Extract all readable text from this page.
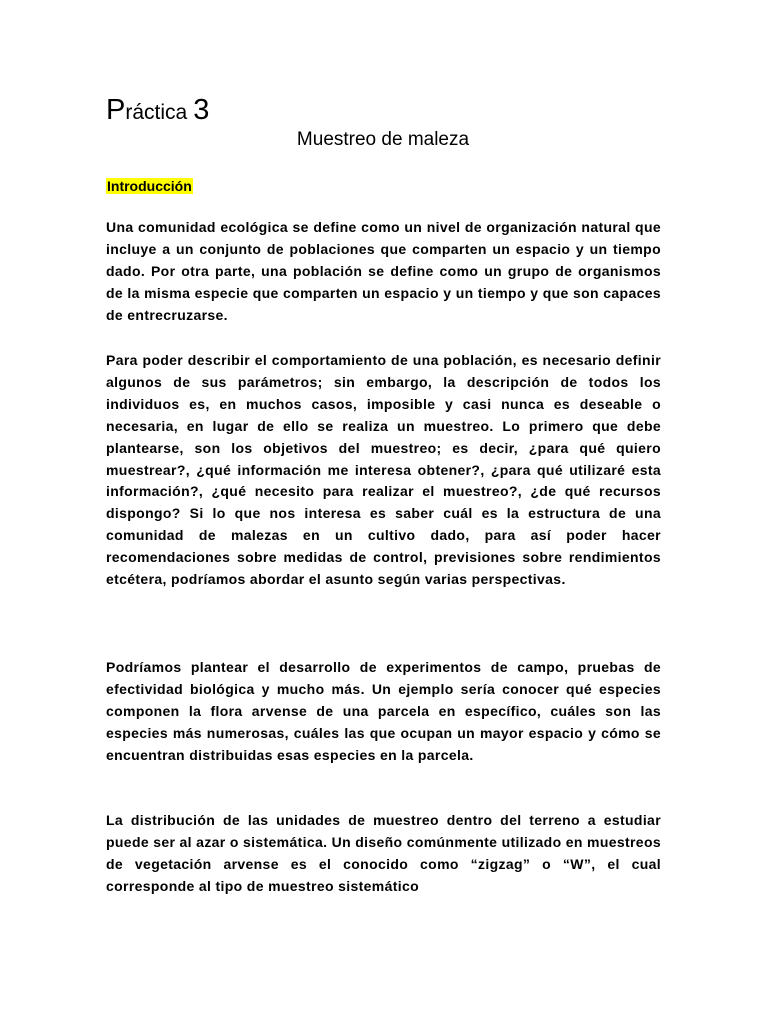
Práctica 3
Muestreo de maleza
Introducción

Una comunidad ecológica se define como un nivel de organización natural que incluye a un conjunto de poblaciones que comparten un espacio y un tiempo dado. Por otra parte, una población se define como un grupo de organismos de la misma especie que comparten un espacio y un tiempo y que son capaces de entrecruzarse.

Para poder describir el comportamiento de una población, es necesario definir algunos de sus parámetros; sin embargo, la descripción de todos los individuos es, en muchos casos, imposible y casi nunca es deseable o necesaria, en lugar de ello se realiza un muestreo. Lo primero que debe plantearse, son los objetivos del muestreo; es decir, ¿para qué quiero muestrear?, ¿qué información me interesa obtener?, ¿para qué utilizaré esta información?, ¿qué necesito para realizar el muestreo?, ¿de qué recursos dispongo? Si lo que nos interesa es saber cuál es la estructura de una comunidad de malezas en un cultivo dado, para así poder hacer recomendaciones sobre medidas de control, previsiones sobre rendimientos etcétera, podríamos abordar el asunto según varias perspectivas.

Podríamos plantear el desarrollo de experimentos de campo, pruebas de efectividad biológica y mucho más. Un ejemplo sería conocer qué especies componen la flora arvense de una parcela en específico, cuáles son las especies más numerosas, cuáles las que ocupan un mayor espacio y cómo se encuentran distribuidas esas especies en la parcela.

La distribución de las unidades de muestreo dentro del terreno a estudiar puede ser al azar o sistemática. Un diseño comúnmente utilizado en muestreos de vegetación arvense es el conocido como “zigzag” o “W”, el cual corresponde al tipo de muestreo sistemático
